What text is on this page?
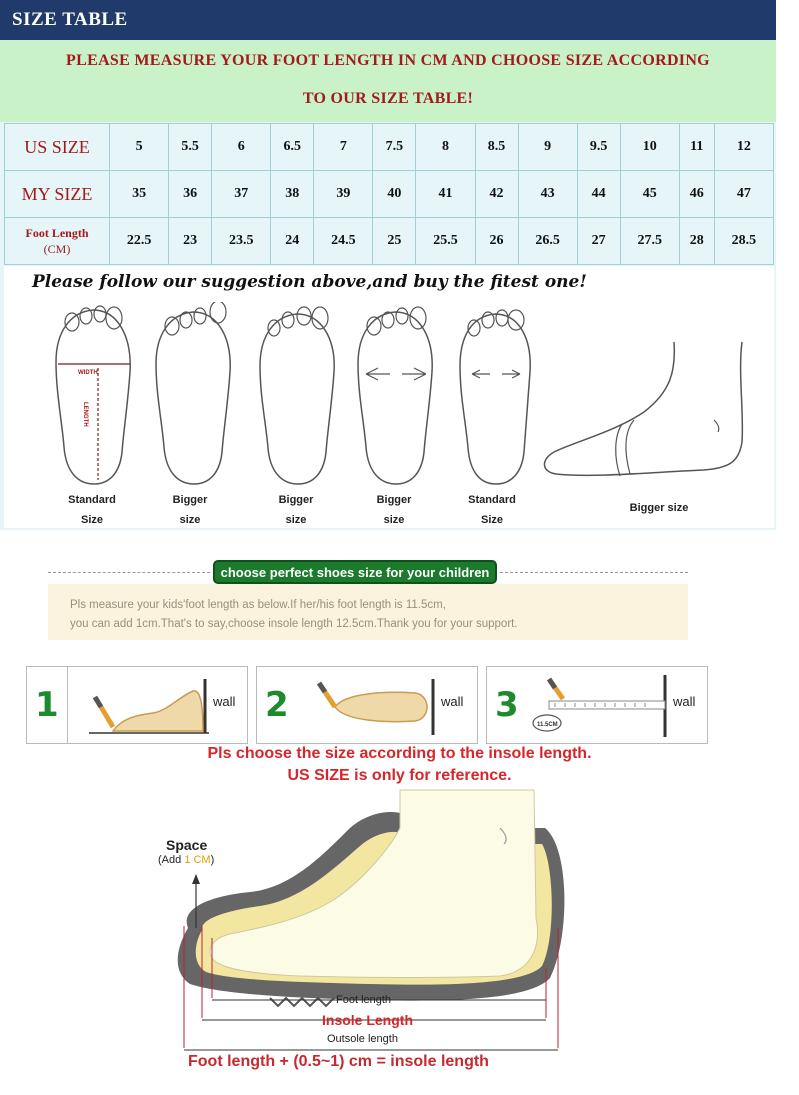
SIZE TABLE
PLEASE MEASURE YOUR FOOT LENGTH IN CM AND CHOOSE SIZE ACCORDING
TO OUR SIZE TABLE!
US SIZE	5	5.5	6	6.5	7	7.5	8	8.5	9	9.5	10	11	12
MY SIZE	35	36	37	38	39	40	41	42	43	44	45	46	47

Foot Length
(CM)	22.5	23	23.5	24	24.5	25	25.5	26	26.5	27	27.5	28	28.5
Please follow our suggestion above,and buy the fitest one!
WIDTH
LENGTH
Standard
Size
Bigger
size
Bigger
size
Bigger
size
Standard
Size
Bigger size
choose perfect shoes size for your children
Pls measure your kids'foot length as below.If her/his foot length is 11.5cm,
you can add 1cm.That's to say,choose insole length 12.5cm.Thank you for your support.
1	wall 2	wall 3	11.5CM
wall
Pls choose the size according to the insole length.
US SIZE is only for reference.
Space
(Add 1 CM)
Foot length
Insole Length
Outsole length
Foot length + (0.5~1) cm = insole length
